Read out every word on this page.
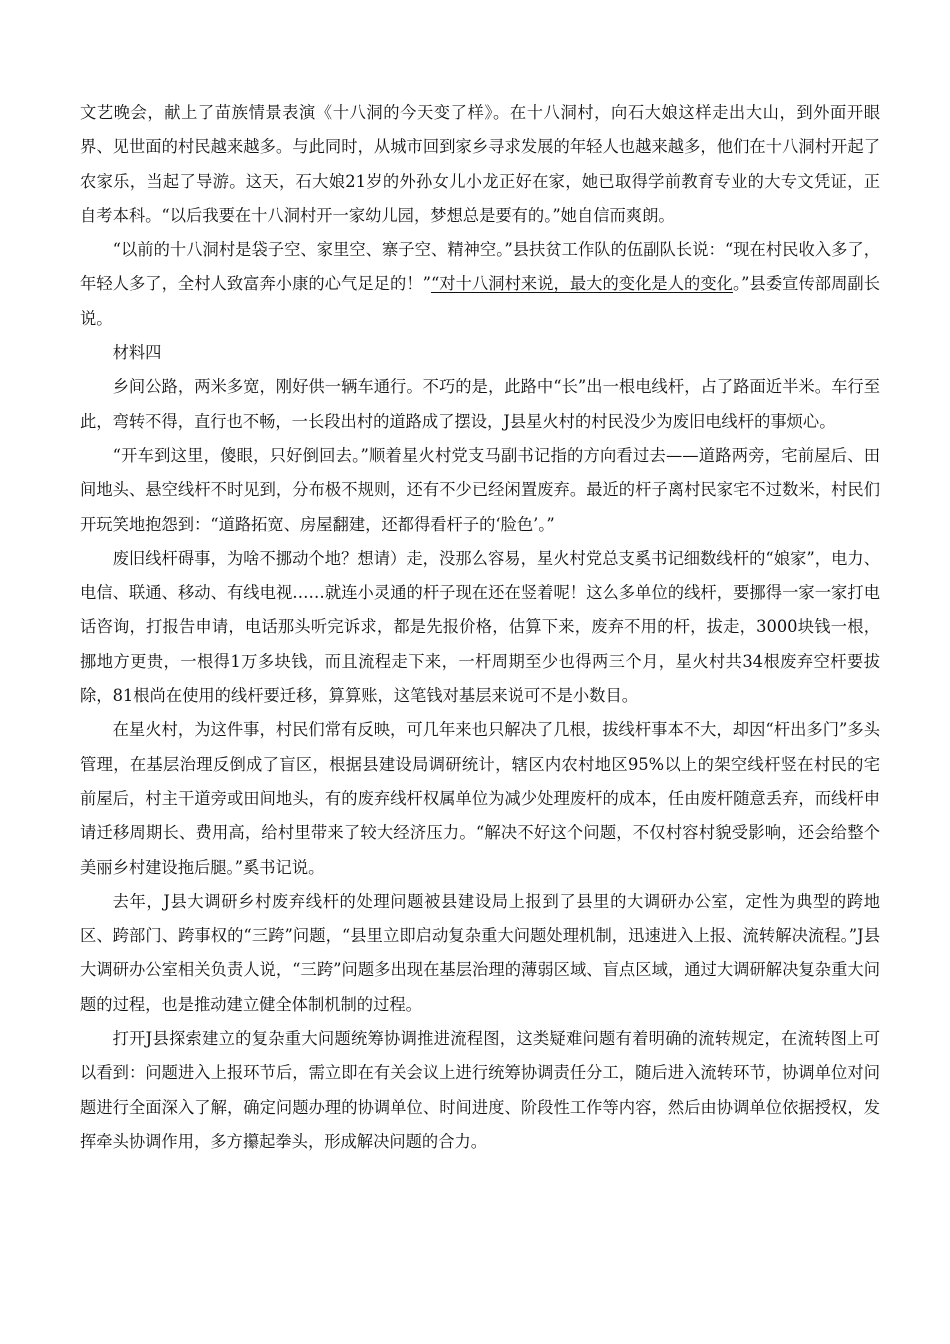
文艺晚会，献上了苗族情景表演《十八洞的今天变了样》。在十八洞村，向石大娘这样走出大山，到外面开眼界、见世面的村民越来越多。与此同时，从城市回到家乡寻求发展的年轻人也越来越多，他们在十八洞村开起了农家乐，当起了导游。这天，石大娘21岁的外孙女儿小龙正好在家，她已取得学前教育专业的大专文凭证，正自考本科。“以后我要在十八洞村开一家幼儿园，梦想总是要有的。”她自信而爽朗。

“以前的十八洞村是袋子空、家里空、寨子空、精神空。”县扶贫工作队的伍副队长说：“现在村民收入多了，年轻人多了，全村人致富奔小康的心气足足的！”“对十八洞村来说，最大的变化是人的变化。”县委宣传部周副长说。

材料四

乡间公路，两米多宽，刚好供一辆车通行。不巧的是，此路中“长”出一根电线杆，占了路面近半米。车行至此，弯转不得，直行也不畅，一长段出村的道路成了摆设，J县星火村的村民没少为废旧电线杆的事烦心。

“开车到这里，傻眼，只好倒回去。”顺着星火村党支马副书记指的方向看过去——道路两旁，宅前屋后、田间地头、悬空线杆不时见到，分布极不规则，还有不少已经闲置废弃。最近的杆子离村民家宅不过数米，村民们开玩笑地抱怨到：“道路拓宽、房屋翻建，还都得看杆子的‘脸色’。”

废旧线杆碍事，为啥不挪动个地？想请）走，没那么容易，星火村党总支奚书记细数线杆的“娘家”，电力、电信、联通、移动、有线电视……就连小灵通的杆子现在还在竖着呢！这么多单位的线杆，要挪得一家一家打电话咨询，打报告申请，电话那头听完诉求，都是先报价格，估算下来，废弃不用的杆，拔走，3000块钱一根，挪地方更贵，一根得1万多块钱，而且流程走下来，一杆周期至少也得两三个月，星火村共34根废弃空杆要拔除，81根尚在使用的线杆要迁移，算算账，这笔钱对基层来说可不是小数目。

在星火村，为这件事，村民们常有反映，可几年来也只解决了几根，拔线杆事本不大，却因“杆出多门”多头管理，在基层治理反倒成了盲区，根据县建设局调研统计，辖区内农村地区95%以上的架空线杆竖在村民的宅前屋后，村主干道旁或田间地头，有的废弃线杆权属单位为减少处理废杆的成本，任由废杆随意丢弃，而线杆申请迁移周期长、费用高，给村里带来了较大经济压力。“解决不好这个问题，不仅村容村貌受影响，还会给整个美丽乡村建设拖后腿。”奚书记说。

去年，J县大调研乡村废弃线杆的处理问题被县建设局上报到了县里的大调研办公室，定性为典型的跨地区、跨部门、跨事权的“三跨”问题，“县里立即启动复杂重大问题处理机制，迅速进入上报、流转解决流程。”J县大调研办公室相关负责人说，“三跨”问题多出现在基层治理的薄弱区域、盲点区域，通过大调研解决复杂重大问题的过程，也是推动建立健全体制机制的过程。

打开J县探索建立的复杂重大问题统筹协调推进流程图，这类疑难问题有着明确的流转规定，在流转图上可以看到：问题进入上报环节后，需立即在有关会议上进行统筹协调责任分工，随后进入流转环节，协调单位对问题进行全面深入了解，确定问题办理的协调单位、时间进度、阶段性工作等内容，然后由协调单位依据授权，发挥牵头协调作用，多方攥起拳头，形成解决问题的合力。
